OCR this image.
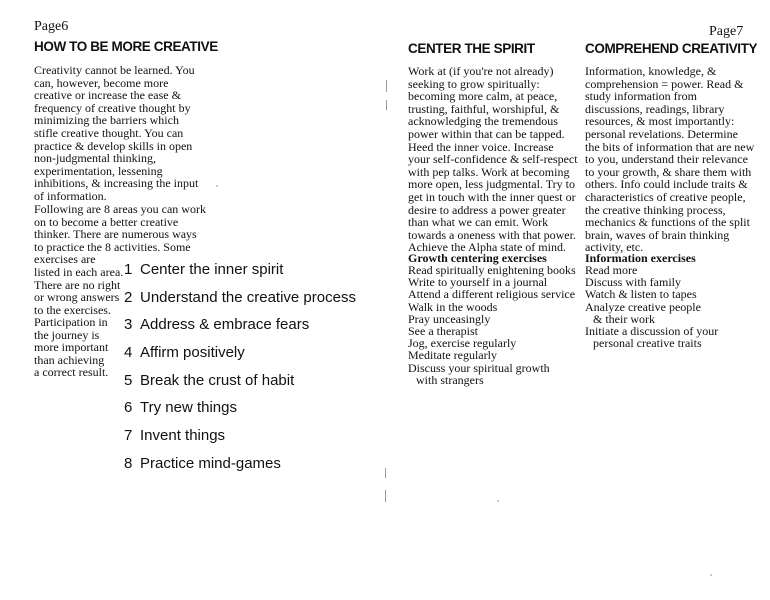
Page6
HOW TO BE MORE CREATIVE

Creativity cannot be learned. You

can, however, become more

creative or increase the ease &

frequency of creative thought by

minimizing the barriers which

stifle creative thought. You can

practice & develop skills in open

non-judgmental thinking,

experimentation, lessening

inhibitions, & increasing the input

of information.

Following are 8 areas you can work

on to become a better creative

thinker. There are numerous ways

to practice the 8 activities. Some

exercises are

listed in each area.

There are no right

or wrong answers

to the exercises.

Participation in

the journey is

more important

than achieving

a correct result.

1 Center the inner spirit
2 Understand the creative process
3 Address & embrace fears
4 Affirm positively
5 Break the crust of habit
6 Try new things
7 Invent things
8 Practice mind-games
CENTER THE SPIRIT

Work at (if you're not already)

seeking to grow spiritually:

becoming more calm, at peace,

trusting, faithful, worshipful, &

acknowledging the tremendous

power within that can be tapped.

Heed the inner voice. Increase

your self-confidence & self-respect

with pep talks. Work at becoming

more open, less judgmental. Try to

get in touch with the inner quest or

desire to address a power greater

than what we can emit. Work

towards a oneness with that power.

Achieve the Alpha state of mind.

Growth centering exercises
Read spiritually enightening books
Write to yourself in a journal
Attend a different religious service
Walk in the woods
Pray unceasingly
See a therapist
Jog, exercise regularly
Meditate regularly
Discuss your spiritual growth
with strangers
Page7
COMPREHEND CREATIVITY

Information, knowledge, &

comprehension = power. Read &

study information from

discussions, readings, library

resources, & most importantly:

personal revelations. Determine

the bits of information that are new

to you, understand their relevance

to your growth, & share them with

others. Info could include traits &

characteristics of creative people,

the creative thinking process,

mechanics & functions of the split

brain, waves of brain thinking

activity, etc.

Information exercises
Read more
Discuss with family
Watch & listen to tapes
Analyze creative people
& their work
Initiate a discussion of your
personal creative traits
